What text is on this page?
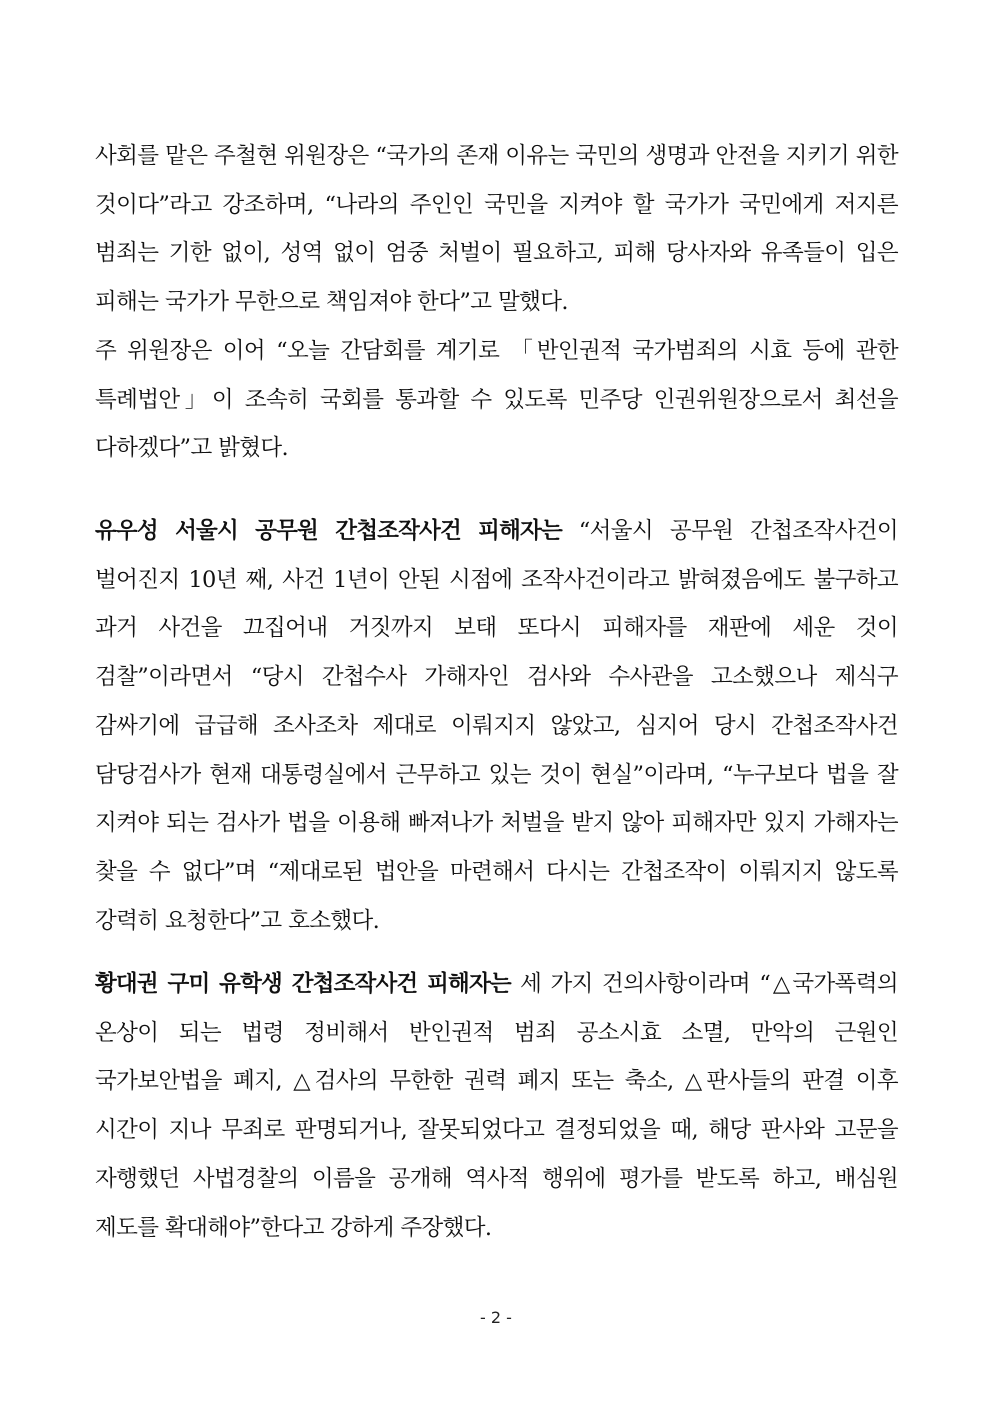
사회를 맡은 주철현 위원장은 “국가의 존재 이유는 국민의 생명과 안전을 지키기 위한 것이다”라고 강조하며, “나라의 주인인 국민을 지켜야 할 국가가 국민에게 저지른 범죄는 기한 없이, 성역 없이 엄중 처벌이 필요하고, 피해 당사자와 유족들이 입은 피해는 국가가 무한으로 책임져야 한다”고 말했다.

주 위원장은 이어 “오늘 간담회를 계기로 「반인권적 국가범죄의 시효 등에 관한 특례법안」이 조속히 국회를 통과할 수 있도록 민주당 인권위원장으로서 최선을 다하겠다”고 밝혔다.

유우성 서울시 공무원 간첩조작사건 피해자는 “서울시 공무원 간첩조작사건이 벌어진지 10년 째, 사건 1년이 안된 시점에 조작사건이라고 밝혀졌음에도 불구하고 과거 사건을 끄집어내 거짓까지 보태 또다시 피해자를 재판에 세운 것이 검찰”이라면서 “당시 간첩수사 가해자인 검사와 수사관을 고소했으나 제식구 감싸기에 급급해 조사조차 제대로 이뤄지지 않았고, 심지어 당시 간첩조작사건 담당검사가 현재 대통령실에서 근무하고 있는 것이 현실”이라며, “누구보다 법을 잘 지켜야 되는 검사가 법을 이용해 빠져나가 처벌을 받지 않아 피해자만 있지 가해자는 찾을 수 없다”며 “제대로된 법안을 마련해서 다시는 간첩조작이 이뤄지지 않도록 강력히 요청한다”고 호소했다.

황대권 구미 유학생 간첩조작사건 피해자는 세 가지 건의사항이라며 “△국가폭력의 온상이 되는 법령 정비해서 반인권적 범죄 공소시효 소멸, 만악의 근원인 국가보안법을 폐지, △검사의 무한한 권력 폐지 또는 축소, △판사들의 판결 이후 시간이 지나 무죄로 판명되거나, 잘못되었다고 결정되었을 때, 해당 판사와 고문을 자행했던 사법경찰의 이름을 공개해 역사적 행위에 평가를 받도록 하고, 배심원 제도를 확대해야”한다고 강하게 주장했다.

- 2 -
